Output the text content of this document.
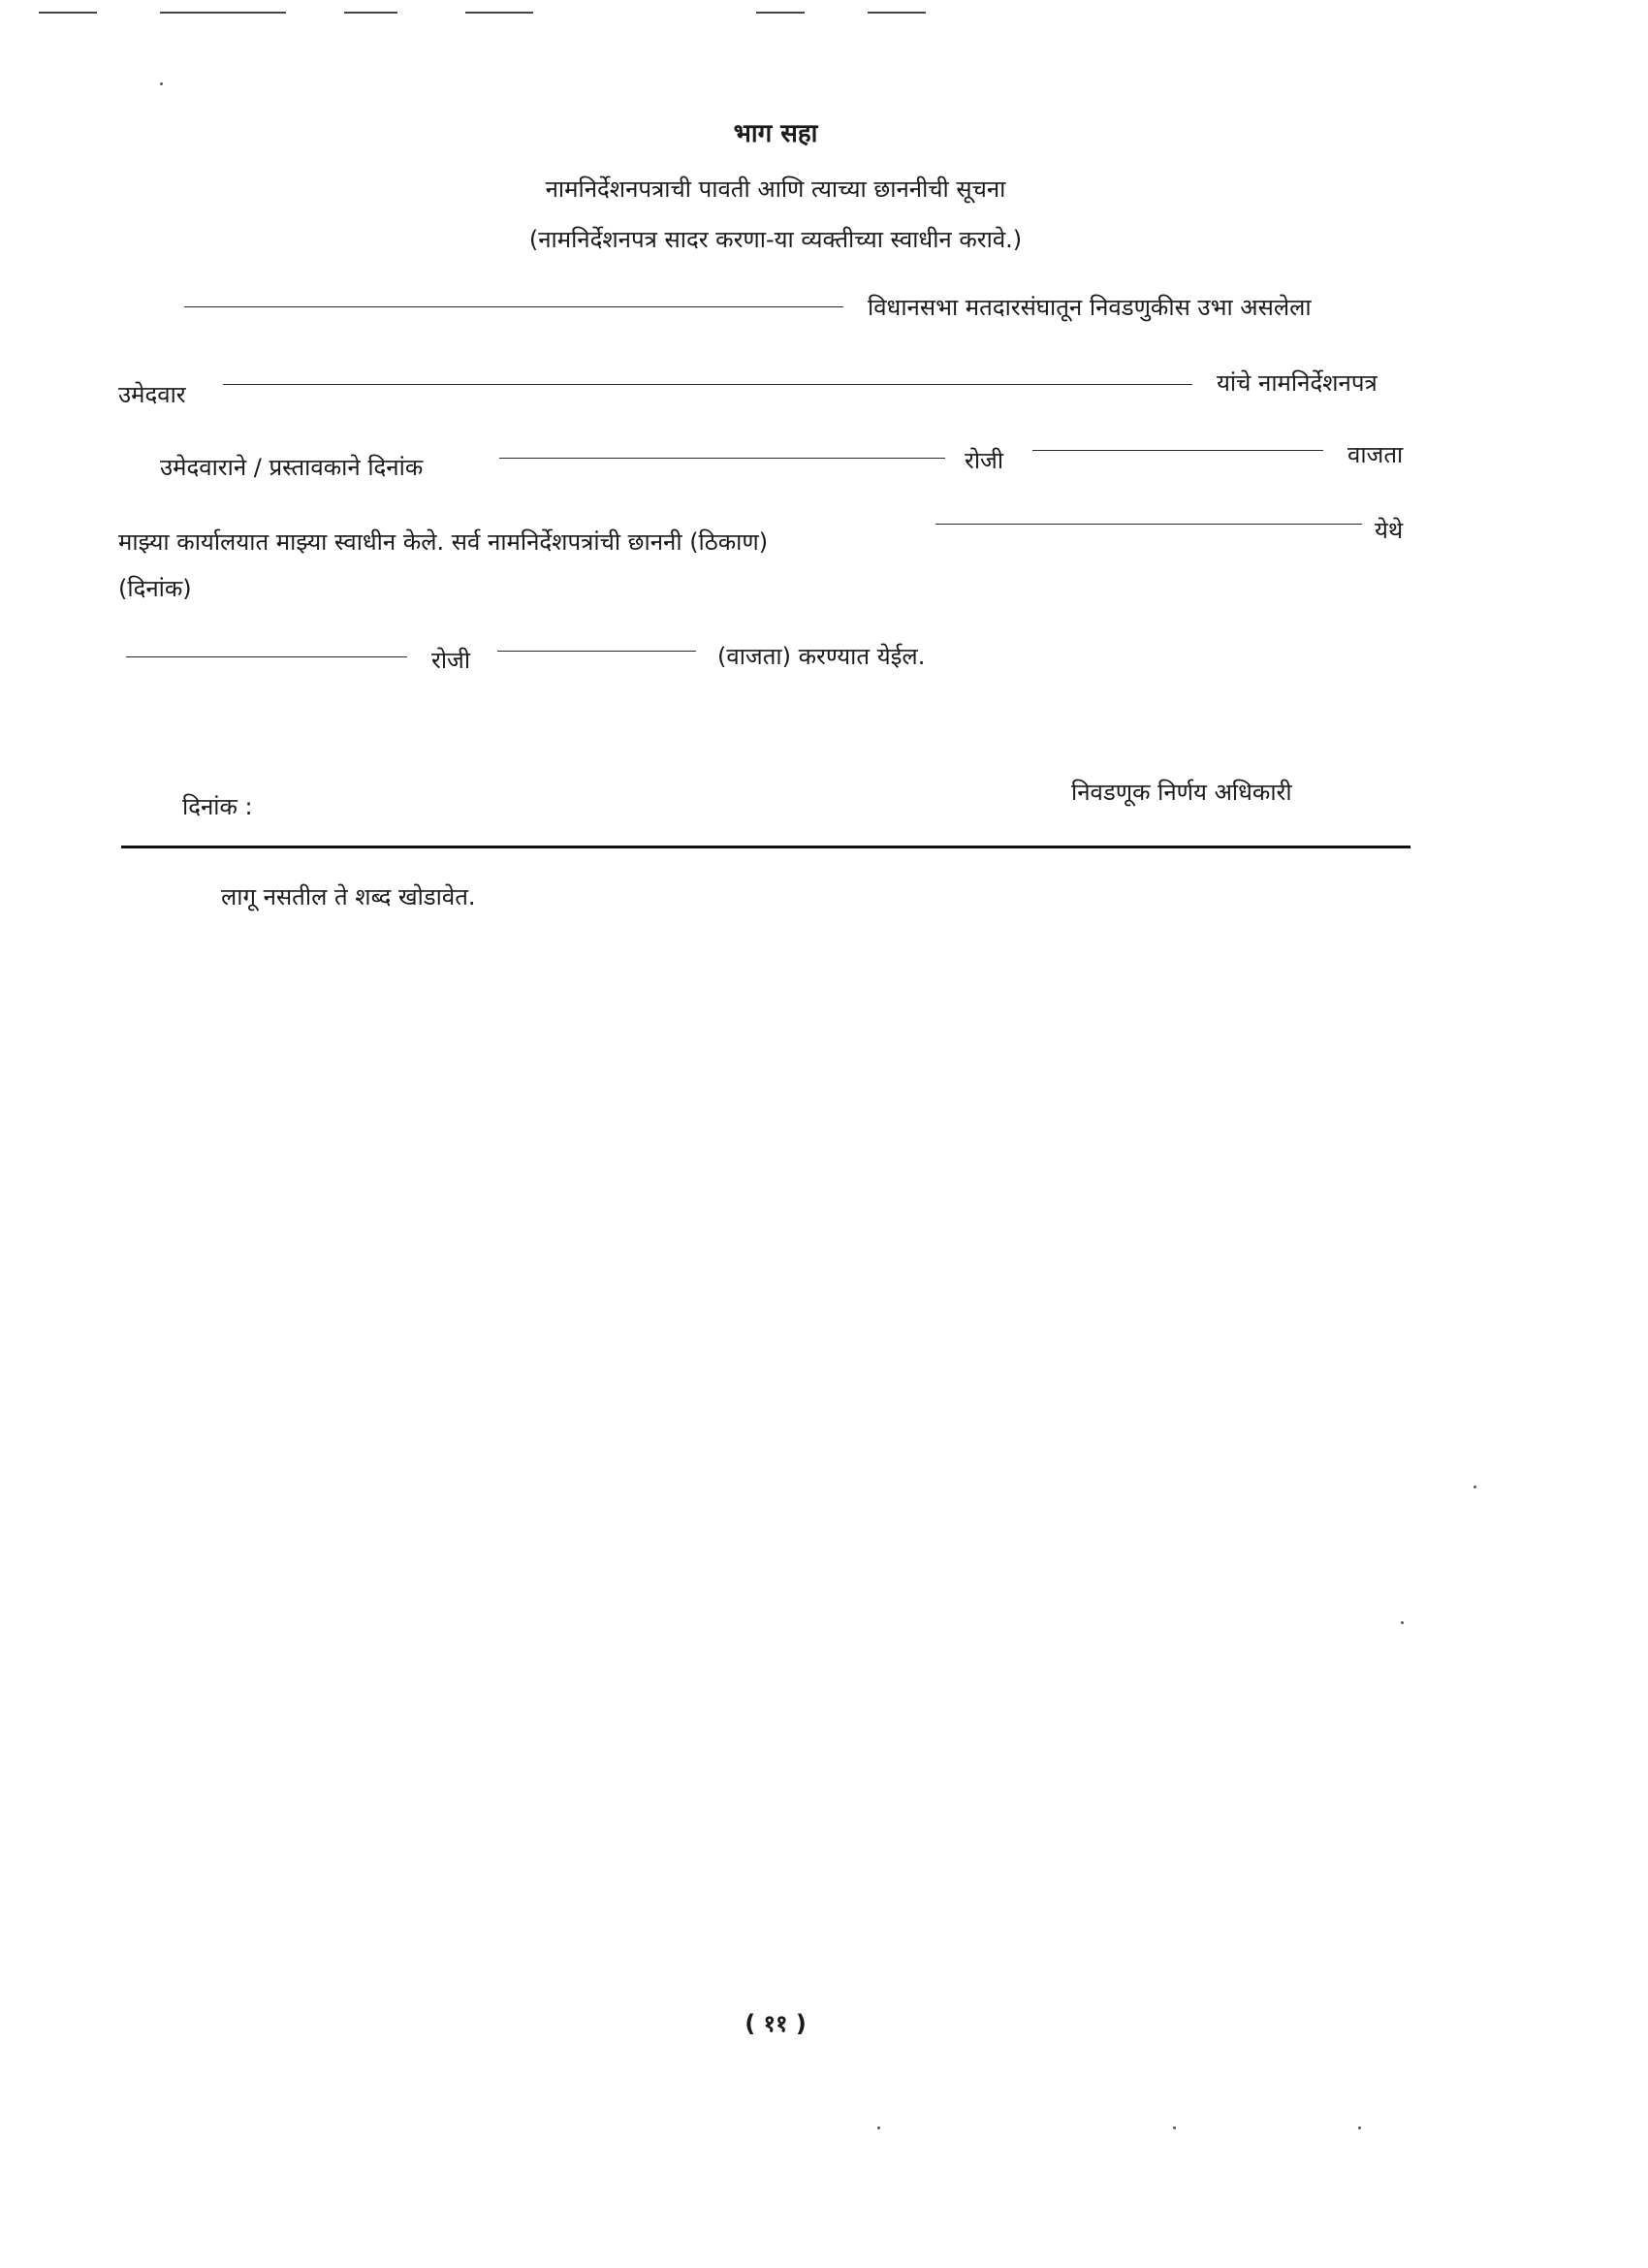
भाग सहा
नामनिर्देशनपत्राची पावती आणि त्याच्या छाननीची सूचना
(नामनिर्देशनपत्र सादर करणा-या व्यक्तीच्या स्वाधीन करावे.)
विधानसभा मतदारसंघातून निवडणुकीस उभा असलेला
उमेदवार	यांचे नामनिर्देशनपत्र
उमेदवाराने / प्रस्तावकाने दिनांक	रोजी	वाजता
माझ्या कार्यालयात माझ्या स्वाधीन केले. सर्व नामनिर्देशपत्रांची छाननी (ठिकाण)	येथे
(दिनांक)
रोजी	(वाजता) करण्यात येईल.
दिनांक :
निवडणूक निर्णय अधिकारी
लागू नसतील ते शब्द खोडावेत.
( ११ )
